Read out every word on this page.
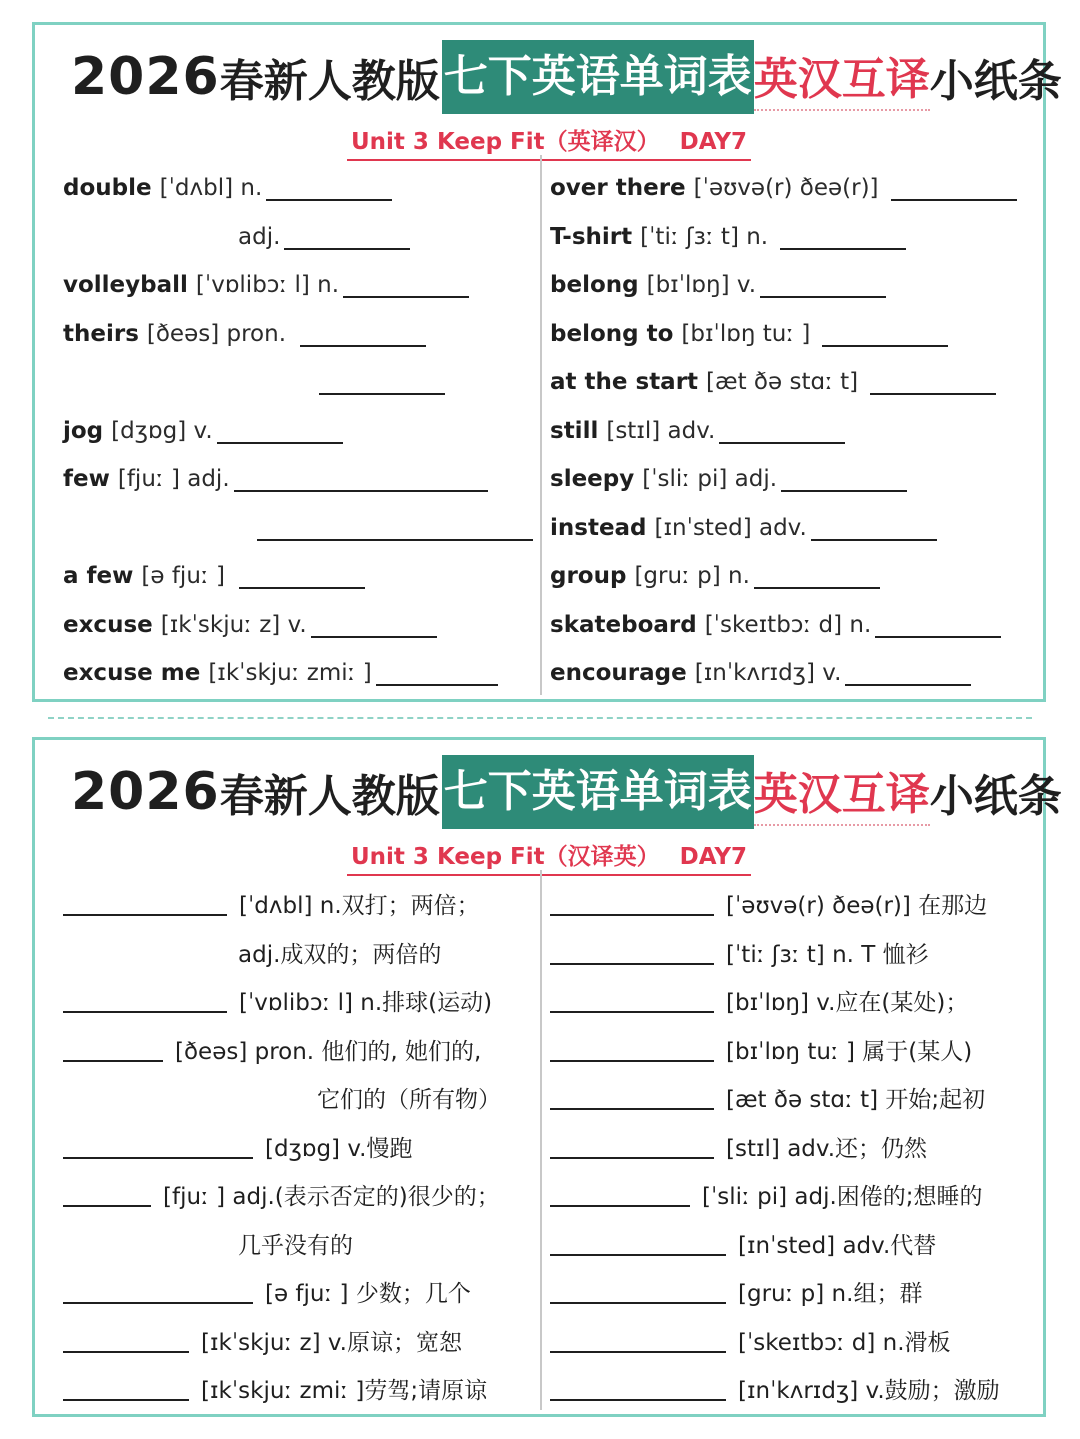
2026 春新人教版 七下英语单词表 英汉互译 小纸条
Unit 3 Keep Fit（英译汉） DAY7
double [ˈdʌbl] n.
adj.
volleyball [ˈvɒlibɔː l] n.
theirs [ðeəs] pron.
jog [dʒɒg] v.
few [fjuː ] adj.
a few [ə fjuː ]
excuse [ɪkˈskjuː z] v.
excuse me [ɪkˈskjuː zmiː ]
over there [ˈəʊvə(r) ðeə(r)]
T-shirt [ˈtiː ʃɜː t] n.
belong [bɪˈlɒŋ] v.
belong to [bɪˈlɒŋ tuː ]
at the start [æt ðə stɑː t]
still [stɪl] adv.
sleepy [ˈsliː pi] adj.
instead [ɪnˈsted] adv.
group [gruː p] n.
skateboard [ˈskeɪtbɔː d] n.
encourage [ɪnˈkʌrɪdʒ] v.
2026 春新人教版 七下英语单词表 英汉互译 小纸条
Unit 3 Keep Fit（汉译英） DAY7
[ˈdʌbl] n.双打；两倍；
adj.成双的；两倍的
[ˈvɒlibɔː l] n.排球(运动)
[ðeəs] pron. 他们的, 她们的,
它们的（所有物）
[dʒɒg] v.慢跑
[fjuː ] adj.(表示否定的)很少的；
几乎没有的
[ə fjuː ] 少数；几个
[ɪkˈskjuː z] v.原谅；宽恕
[ɪkˈskjuː zmiː ]劳驾;请原谅
[ˈəʊvə(r) ðeə(r)] 在那边
[ˈtiː ʃɜː t] n. T 恤衫
[bɪˈlɒŋ] v.应在(某处)；
[bɪˈlɒŋ tuː ] 属于(某人)
[æt ðə stɑː t] 开始;起初
[stɪl] adv.还；仍然
[ˈsliː pi] adj.困倦的;想睡的
[ɪnˈsted] adv.代替
[gruː p] n.组；群
[ˈskeɪtbɔː d] n.滑板
[ɪnˈkʌrɪdʒ] v.鼓励；激励
